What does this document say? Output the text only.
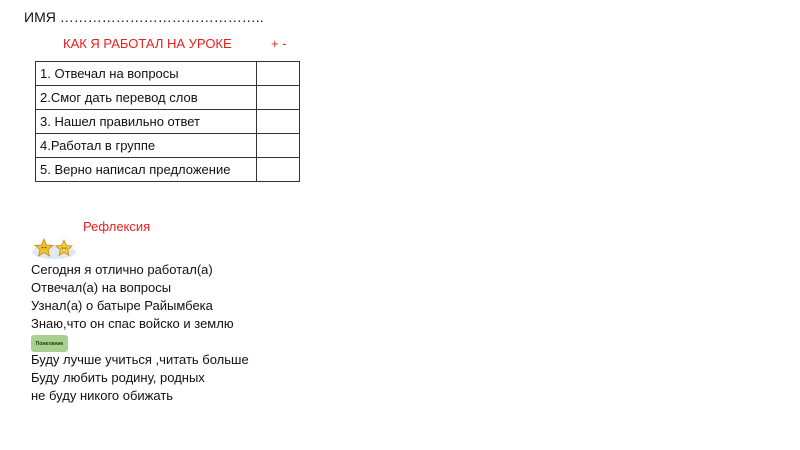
ИМЯ ……………………………………..
КАК Я РАБОТАЛ НА УРОКЕ	+ -
1. Отвечал на вопросы	
2.Смог дать перевод слов	
3. Нашел правильно ответ	
4.Работал в группе	
5. Верно написал предложение	
Рефлексия
Сегодня я отлично работал(а)
Отвечал(а) на вопросы
Узнал(а) о батыре Райымбека
Знаю,что он спас войско и землю
Пожелание
Буду лучше учиться ,читать больше
Буду любить родину, родных
не буду никого обижать
